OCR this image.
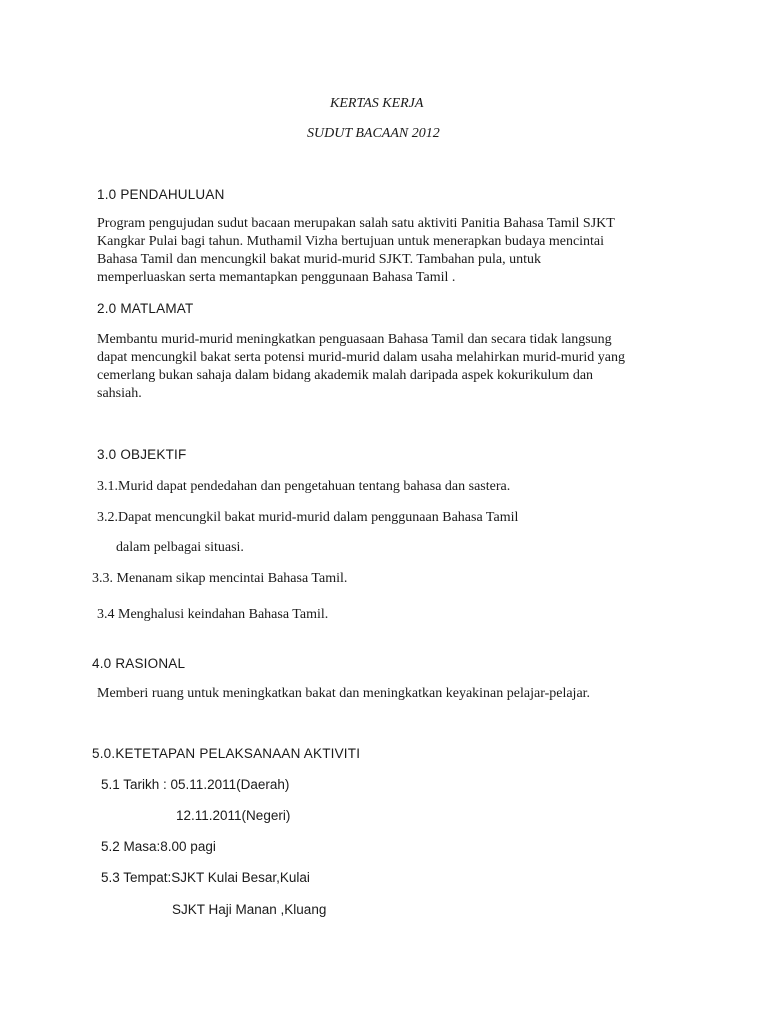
KERTAS KERJA
SUDUT BACAAN 2012
1.0 PENDAHULUAN
Program pengujudan sudut bacaan merupakan salah satu aktiviti Panitia Bahasa Tamil SJKT
Kangkar Pulai bagi tahun. Muthamil Vizha bertujuan untuk menerapkan budaya mencintai
Bahasa Tamil dan mencungkil bakat murid-murid SJKT. Tambahan pula, untuk
memperluaskan serta memantapkan penggunaan Bahasa Tamil .
2.0 MATLAMAT
Membantu murid-murid meningkatkan penguasaan Bahasa Tamil dan secara tidak langsung
dapat mencungkil bakat serta potensi murid-murid dalam usaha melahirkan murid-murid yang
cemerlang bukan sahaja dalam bidang akademik malah daripada aspek kokurikulum dan
sahsiah.
3.0 OBJEKTIF
3.1.Murid dapat pendedahan dan pengetahuan tentang bahasa dan sastera.
3.2.Dapat mencungkil bakat murid-murid dalam penggunaan Bahasa Tamil
dalam pelbagai situasi.
3.3. Menanam sikap mencintai Bahasa Tamil.
3.4 Menghalusi keindahan Bahasa Tamil.
4.0 RASIONAL
Memberi ruang untuk meningkatkan bakat dan meningkatkan keyakinan pelajar-pelajar.
5.0.KETETAPAN PELAKSANAAN AKTIVITI
5.1 Tarikh : 05.11.2011(Daerah)
12.11.2011(Negeri)
5.2 Masa:8.00 pagi
5.3 Tempat:SJKT Kulai Besar,Kulai
SJKT Haji Manan ,Kluang
